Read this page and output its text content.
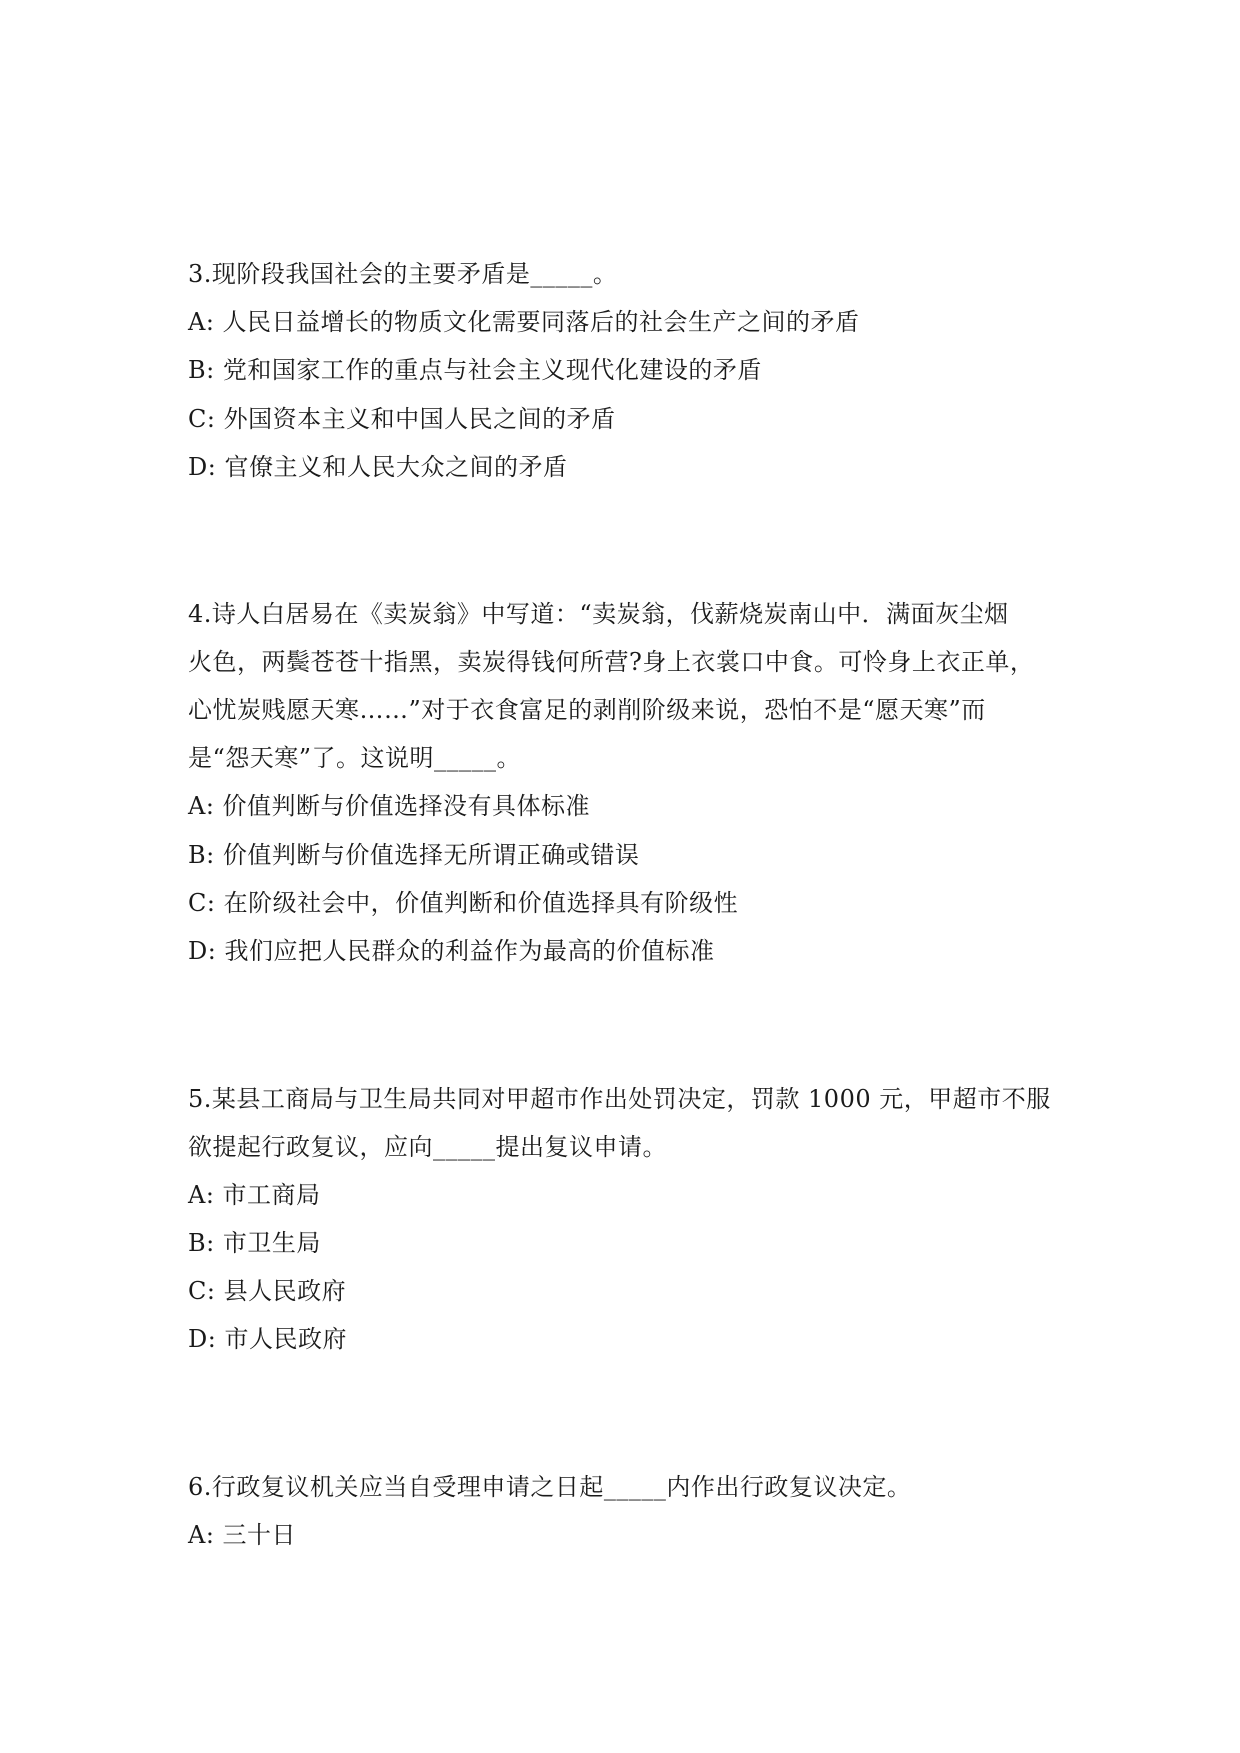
3.现阶段我国社会的主要矛盾是_____。
A: 人民日益增长的物质文化需要同落后的社会生产之间的矛盾
B: 党和国家工作的重点与社会主义现代化建设的矛盾
C: 外国资本主义和中国人民之间的矛盾
D: 官僚主义和人民大众之间的矛盾
4.诗人白居易在《卖炭翁》中写道：“卖炭翁，伐薪烧炭南山中．满面灰尘烟
火色，两鬓苍苍十指黑，卖炭得钱何所营?身上衣裳口中食。可怜身上衣正单，
心忧炭贱愿天寒……”对于衣食富足的剥削阶级来说，恐怕不是“愿天寒”而
是“怨天寒”了。这说明_____。
A: 价值判断与价值选择没有具体标准
B: 价值判断与价值选择无所谓正确或错误
C: 在阶级社会中，价值判断和价值选择具有阶级性
D: 我们应把人民群众的利益作为最高的价值标准
5.某县工商局与卫生局共同对甲超市作出处罚决定，罚款 1000 元，甲超市不服
欲提起行政复议，应向_____提出复议申请。
A: 市工商局
B: 市卫生局
C: 县人民政府
D: 市人民政府
6.行政复议机关应当自受理申请之日起_____内作出行政复议决定。
A: 三十日
